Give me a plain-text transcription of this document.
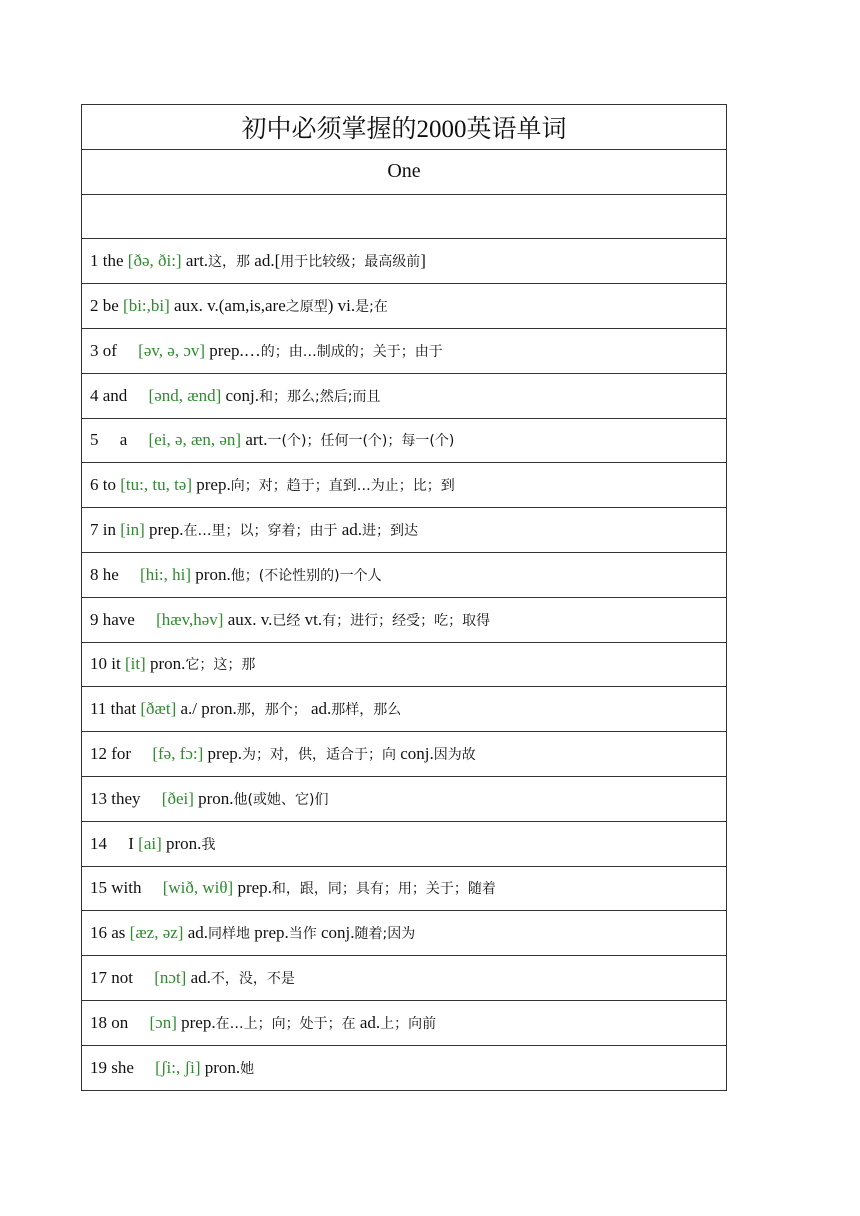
初中必须掌握的2000英语单词
One

1 the [ðə, ði:] art.这，那 ad.[用于比较级；最高级前]
2 be [bi:,bi] aux. v.(am,is,are之原型) vi.是;在
3 of   [əv, ə, ɔv] prep.…的；由…制成的；关于；由于
4 and   [ənd, ænd] conj.和；那么;然后;而且
5   a   [ei, ə, æn, ən] art.一(个)；任何一(个)；每一(个)
6 to [tu:, tu, tə] prep.向；对；趋于；直到…为止；比；到
7 in [in] prep.在…里；以；穿着；由于 ad.进；到达
8 he   [hi:, hi] pron.他；(不论性别的)一个人
9 have   [hæv,həv] aux. v.已经 vt.有；进行；经受；吃；取得
10 it [it] pron.它；这；那
11 that [ðæt] a./ pron.那，那个； ad.那样，那么
12 for   [fə, fɔ:] prep.为；对，供，适合于；向 conj.因为故
13 they   [ðei] pron.他(或她、它)们
14   I [ai] pron.我
15 with   [wið, wiθ] prep.和，跟，同；具有；用；关于；随着
16 as [æz, əz] ad.同样地 prep.当作 conj.随着;因为
17 not   [nɔt] ad.不，没，不是
18 on   [ɔn] prep.在…上；向；处于；在 ad.上；向前
19 she   [ʃi:, ʃi] pron.她
